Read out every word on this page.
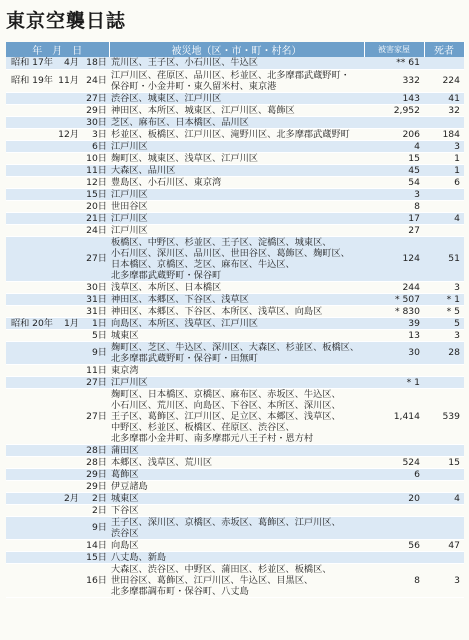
東京空襲日誌
年　月　日	被災地（区・市・町・村名）	被害家屋	死者
昭和 17年 4月 18日	荒川区、王子区、小石川区、牛込区	** 61	
昭和 19年 11月 24日	江戸川区、荏原区、品川区、杉並区、北多摩郡武蔵野町・
保谷町・小金井町・東久留米村、東京港	332	224
27日	渋谷区、城東区、江戸川区	143	41
29日	神田区、本所区、城東区、江戸川区、葛飾区	2,952	32
30日	芝区、麻布区、日本橋区、品川区		

12月 3日	杉並区、板橋区、江戸川区、滝野川区、北多摩郡武蔵野町	206	184
6日	江戸川区	4	3
10日	麹町区、城東区、浅草区、江戸川区	15	1
11日	大森区、品川区	45	1
12日	豊島区、小石川区、東京湾	54	6
15日	江戸川区	3	
20日	世田谷区	8	
21日	江戸川区	17	4
24日	江戸川区	27	
27日	板橋区、中野区、杉並区、王子区、淀橋区、城東区、
小石川区、深川区、品川区、世田谷区、葛飾区、麹町区、
日本橋区、京橋区、芝区、麻布区、牛込区、
北多摩郡武蔵野町・保谷町	124	51
30日	浅草区、本所区、日本橋区	244	3
31日	神田区、本郷区、下谷区、浅草区	* 507	* 1
31日	神田区、本郷区、下谷区、本所区、浅草区、向島区	* 830	* 5
昭和 20年 1月 1日	向島区、本所区、浅草区、江戸川区	39	5
5日	城東区	13	3
9日	麹町区、芝区、牛込区、深川区、大森区、杉並区、板橋区、
北多摩郡武蔵野町・保谷町・田無町	30	28
11日	東京湾		

27日	江戸川区	* 1	
27日	麹町区、日本橋区、京橋区、麻布区、赤坂区、牛込区、
小石川区、荒川区、向島区、下谷区、本所区、深川区、
王子区、葛飾区、江戸川区、足立区、本郷区、浅草区、
中野区、杉並区、板橋区、荏原区、渋谷区、
北多摩郡小金井町、南多摩郡元八王子村・恩方村	1,414	539
28日	蒲田区		

28日	本郷区、浅草区、荒川区	524	15
29日	葛飾区	6	
29日	伊豆諸島		

2月 2日	城東区	20	4
2日	下谷区		

9日	王子区、深川区、京橋区、赤坂区、葛飾区、江戸川区、
渋谷区		

14日	向島区	56	47
15日	八丈島、新島		

16日	大森区、渋谷区、中野区、蒲田区、杉並区、板橋区、
世田谷区、葛飾区、江戸川区、牛込区、目黒区、
北多摩郡調布町・保谷町、八丈島	8	3
